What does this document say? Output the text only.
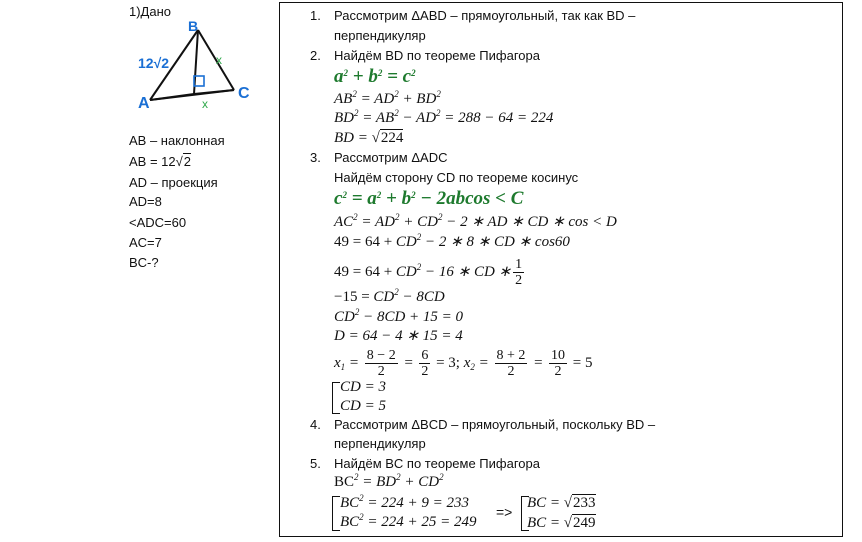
1)Дано
B
C
A
12√2	x
x
AB – наклонная
AB = 12√2
AD – проекция
AD=8
<ADC=60
AC=7
BC-?
1. Рассмотрим ΔABD – прямоугольный, так как BD –
перпендикуляр
2. Найдём BD по теореме Пифагора
$a^2 + b^2 = c^2$
$AB^2 = AD^2 + BD^2$
$BD^2 = AB^2 - AD^2 = 288 - 64 = 224$
BD = √224
3. Рассмотрим ΔADC
Найдём сторону CD по теореме косинус
$c^2 = a^2 + b^2 - 2abcos < C$
$AC^2 = AD^2 + CD^2 - 2$ ∗ AD ∗ CD ∗ cos < D
$49 = 64 + CD^2 - 2$ ∗ 8 ∗ CD ∗ cos60
$49 = 64 + CD^2 - 16$ ∗ CD ∗ $\frac{1}{2}$
$-15 = CD^2 - 8CD$
$CD^2 - 8CD + 15 = 0$
D = 64 − 4 ∗ 15 = 4
$x_1 = \frac{8 - 2}{2} = \frac{6}{2} = 3$; $x_2 = \frac{8 + 2}{2} = \frac{10}{2} = 5$
CD = 3
CD = 5
4. Рассмотрим ΔBCD – прямоугольный, поскольку BD –
перпендикуляр
5. Найдём BC по теореме Пифагора
$BC^2 = BD^2 + CD^2$
$BC^2 = 224 + 9 = 233$
$BC^2 = 224 + 25 = 249$
=>
BC = √233
BC = √249
